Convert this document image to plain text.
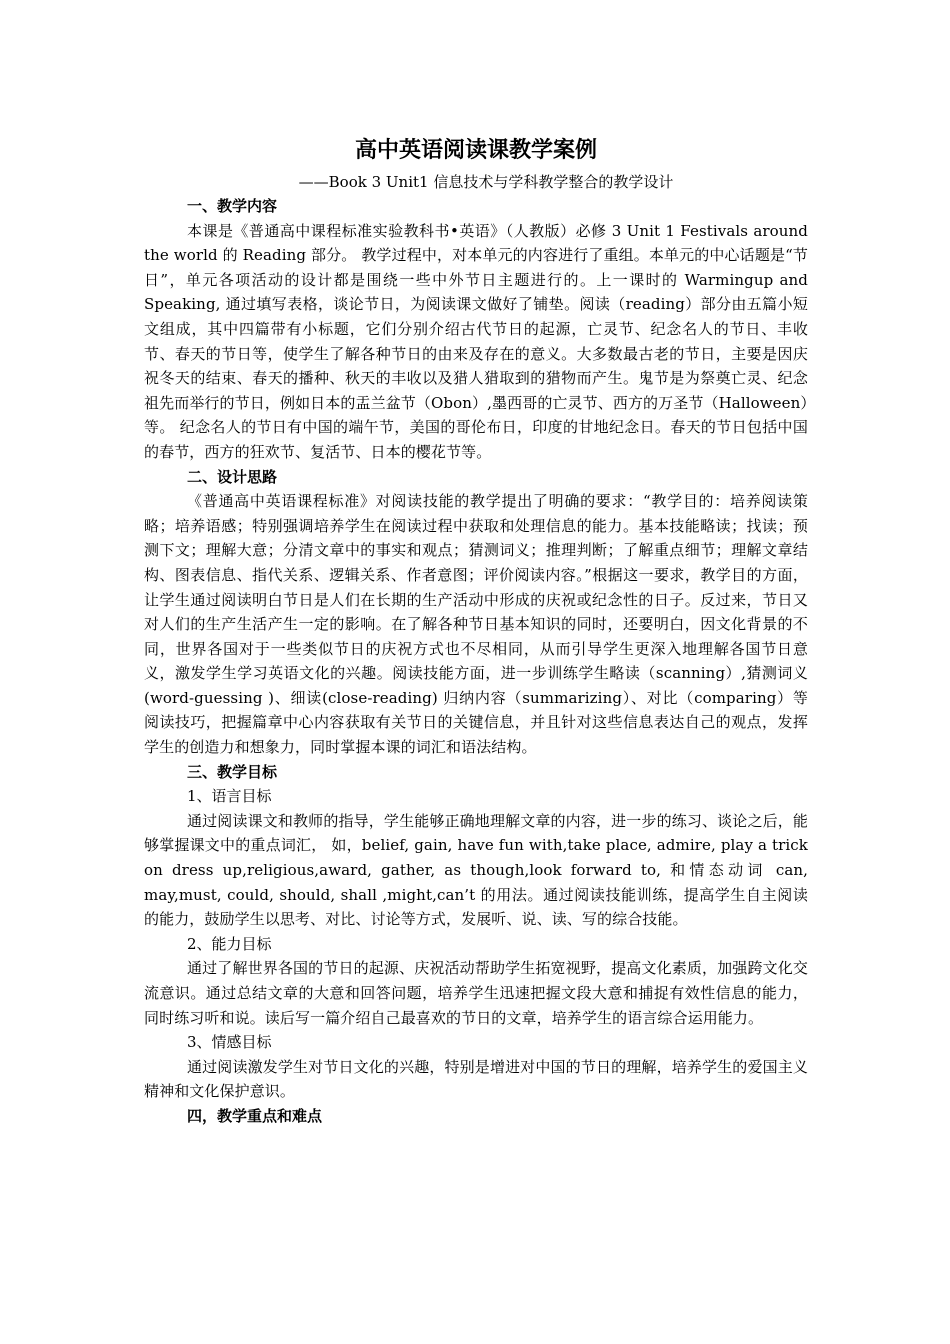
高中英语阅读课教学案例

——Book 3 Unit1 信息技术与学科教学整合的教学设计

一、教学内容

本课是《普通高中课程标准实验教科书•英语》（人教版）必修 3 Unit 1 Festivals around the world 的 Reading 部分。 教学过程中，对本单元的内容进行了重组。本单元的中心话题是“节日”，单元各项活动的设计都是围绕一些中外节日主题进行的。上一课时的 Warmingup and Speaking, 通过填写表格，谈论节日，为阅读课文做好了铺垫。阅读（reading）部分由五篇小短文组成，其中四篇带有小标题，它们分别介绍古代节日的起源，亡灵节、纪念名人的节日、丰收节、春天的节日等，使学生了解各种节日的由来及存在的意义。大多数最古老的节日，主要是因庆祝冬天的结束、春天的播种、秋天的丰收以及猎人猎取到的猎物而产生。鬼节是为祭奠亡灵、纪念祖先而举行的节日，例如日本的盂兰盆节（Obon）,墨西哥的亡灵节、西方的万圣节（Halloween）等。 纪念名人的节日有中国的端午节，美国的哥伦布日，印度的甘地纪念日。春天的节日包括中国的春节，西方的狂欢节、复活节、日本的樱花节等。

二、设计思路

《普通高中英语课程标准》对阅读技能的教学提出了明确的要求：“教学目的：培养阅读策略；培养语感；特别强调培养学生在阅读过程中获取和处理信息的能力。基本技能略读；找读；预测下文；理解大意；分清文章中的事实和观点；猜测词义；推理判断；了解重点细节；理解文章结构、图表信息、指代关系、逻辑关系、作者意图；评价阅读内容。”根据这一要求，教学目的方面，让学生通过阅读明白节日是人们在长期的生产活动中形成的庆祝或纪念性的日子。反过来，节日又对人们的生产生活产生一定的影响。在了解各种节日基本知识的同时，还要明白，因文化背景的不同，世界各国对于一些类似节日的庆祝方式也不尽相同，从而引导学生更深入地理解各国节日意义，激发学生学习英语文化的兴趣。阅读技能方面，进一步训练学生略读（scanning）,猜测词义(word-guessing )、细读(close-reading) 归纳内容（summarizing）、对比（comparing）等阅读技巧，把握篇章中心内容获取有关节日的关键信息，并且针对这些信息表达自己的观点，发挥学生的创造力和想象力，同时掌握本课的词汇和语法结构。

三、教学目标

1、语言目标

通过阅读课文和教师的指导，学生能够正确地理解文章的内容，进一步的练习、谈论之后，能够掌握课文中的重点词汇， 如，belief, gain, have fun with,take place, admire, play a trick on dress up,religious,award, gather, as though,look forward to, 和情态动词 can, may,must, could, should, shall ,might,can’t 的用法。通过阅读技能训练，提高学生自主阅读的能力，鼓励学生以思考、对比、讨论等方式，发展听、说、读、写的综合技能。

2、能力目标

通过了解世界各国的节日的起源、庆祝活动帮助学生拓宽视野，提高文化素质，加强跨文化交流意识。通过总结文章的大意和回答问题，培养学生迅速把握文段大意和捕捉有效性信息的能力，同时练习听和说。读后写一篇介绍自己最喜欢的节日的文章，培养学生的语言综合运用能力。

3、情感目标

通过阅读激发学生对节日文化的兴趣，特别是增进对中国的节日的理解，培养学生的爱国主义精神和文化保护意识。

四，教学重点和难点
